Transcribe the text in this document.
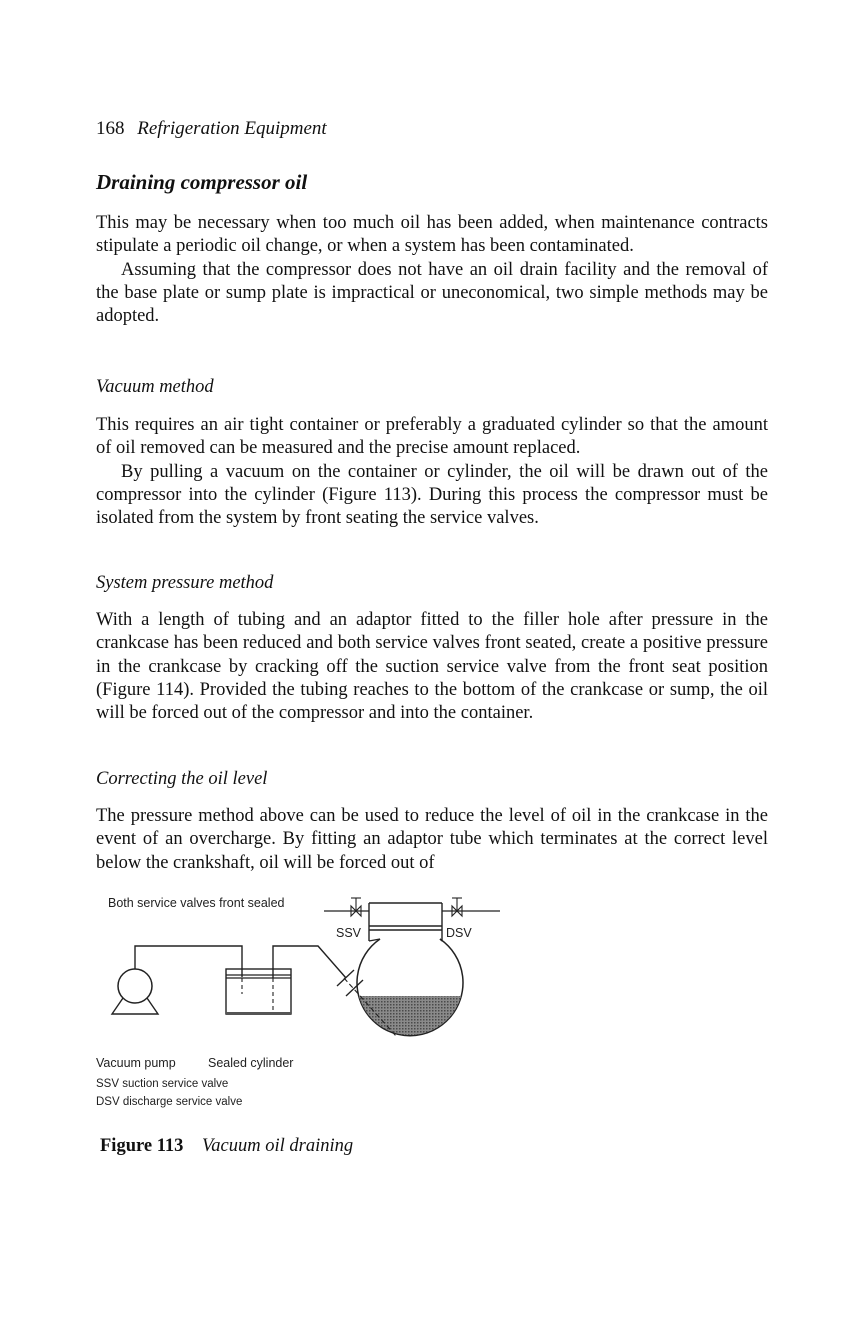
168 Refrigeration Equipment
Draining compressor oil

This may be necessary when too much oil has been added, when maintenance contracts stipulate a periodic oil change, or when a system has been contaminated.

Assuming that the compressor does not have an oil drain facility and the removal of the base plate or sump plate is impractical or uneconomical, two simple methods may be adopted.

Vacuum method

This requires an air tight container or preferably a graduated cylinder so that the amount of oil removed can be measured and the precise amount replaced.

By pulling a vacuum on the container or cylinder, the oil will be drawn out of the compressor into the cylinder (Figure 113). During this process the compressor must be isolated from the system by front seating the service valves.

System pressure method

With a length of tubing and an adaptor fitted to the filler hole after pressure in the crankcase has been reduced and both service valves front seated, create a positive pressure in the crankcase by cracking off the suction service valve from the front seat position (Figure 114). Provided the tubing reaches to the bottom of the crankcase or sump, the oil will be forced out of the compressor and into the container.

Correcting the oil level

The pressure method above can be used to reduce the level of oil in the crankcase in the event of an overcharge. By fitting an adaptor tube which terminates at the correct level below the crankshaft, oil will be forced out of

Both service valves front sealed
SSV	DSV
Vacuum pump	Sealed cylinder
SSV suction service valve
DSV discharge service valve
Figure 113 Vacuum oil draining
